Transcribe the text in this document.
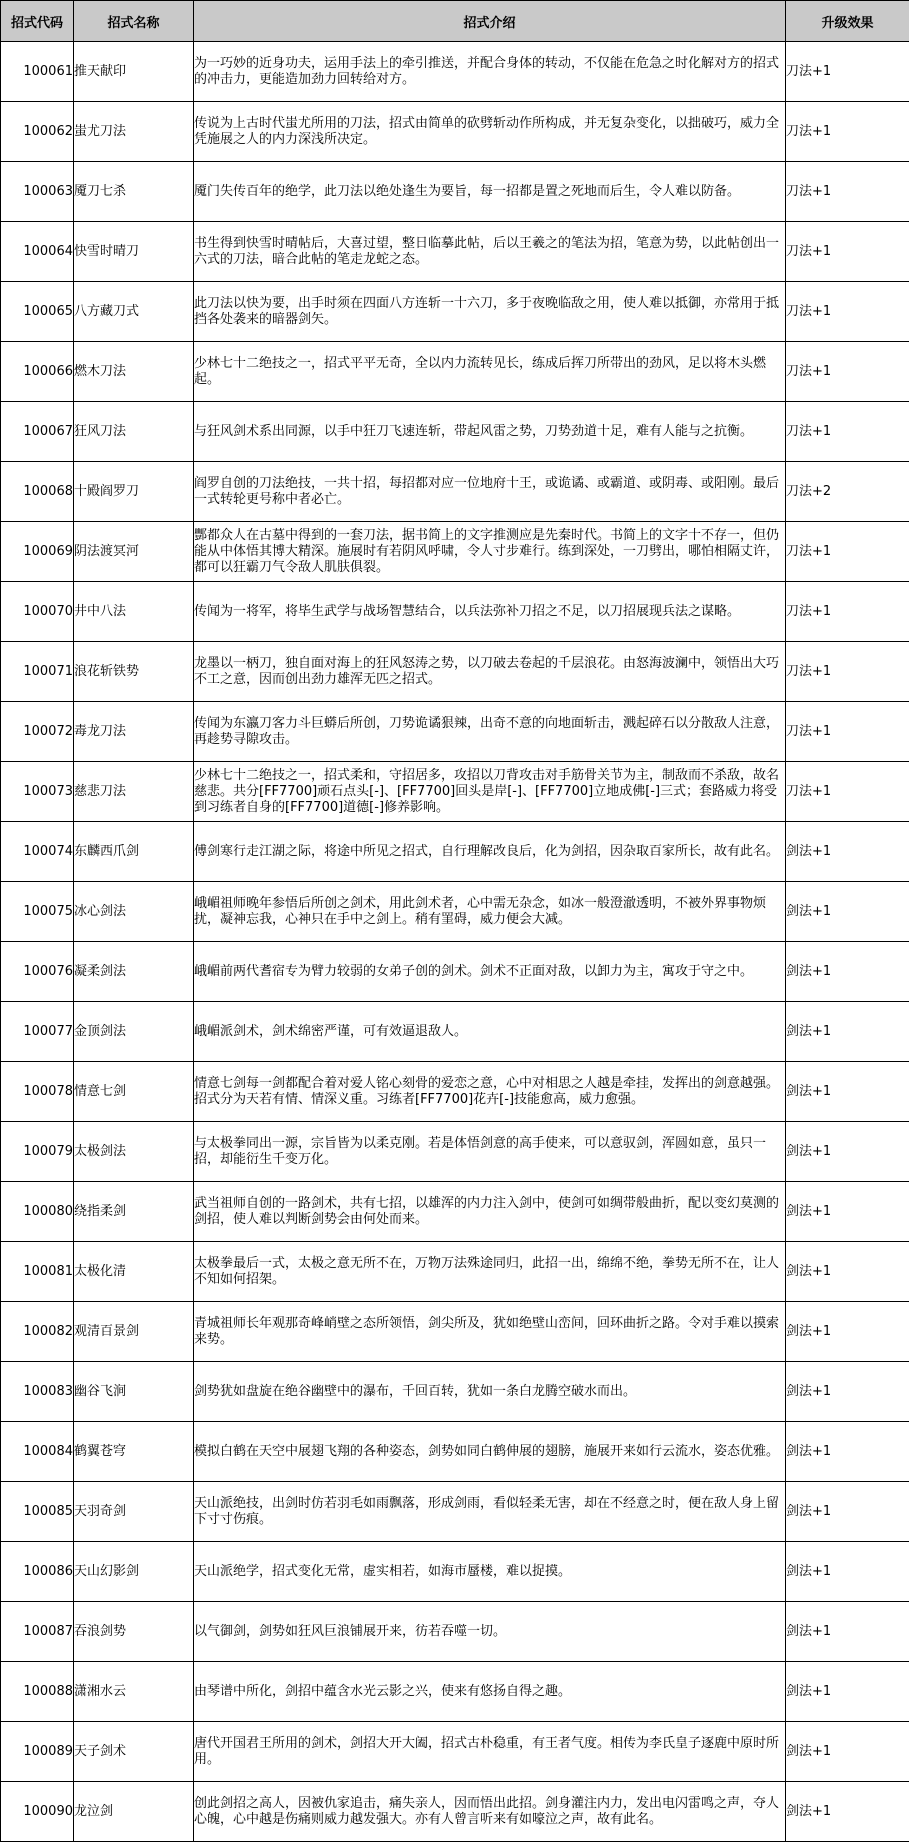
招式代码	招式名称	招式介绍	升级效果
100061	推天献印	为一巧妙的近身功夫，运用手法上的牵引推送，并配合身体的转动，不仅能在危急之时化解对方的招式的冲击力，更能造加劲力回转给对方。	刀法+1
100062	蚩尤刀法	传说为上古时代蚩尤所用的刀法，招式由简单的砍劈斩动作所构成，并无复杂变化，以拙破巧，威力全凭施展之人的内力深浅所决定。	刀法+1
100063	魇刀七杀	魇门失传百年的绝学，此刀法以绝处逢生为要旨，每一招都是置之死地而后生，令人难以防备。	刀法+1
100064	快雪时晴刀	书生得到快雪时晴帖后，大喜过望，整日临摹此帖，后以王羲之的笔法为招，笔意为势，以此帖创出一六式的刀法，暗合此帖的笔走龙蛇之态。	刀法+1
100065	八方藏刀式	此刀法以快为要，出手时须在四面八方连斩一十六刀，多于夜晚临敌之用，使人难以抵御，亦常用于抵挡各处袭来的暗器剑矢。	刀法+1
100066	燃木刀法	少林七十二绝技之一，招式平平无奇，全以内力流转见长，练成后挥刀所带出的劲风，足以将木头燃起。	刀法+1
100067	狂风刀法	与狂风剑术系出同源，以手中狂刀飞速连斩，带起风雷之势，刀势劲道十足，难有人能与之抗衡。	刀法+1
100068	十殿阎罗刀	阎罗自创的刀法绝技，一共十招，每招都对应一位地府十王，或诡谲、或霸道、或阴毒、或阳刚。最后一式转轮更号称中者必亡。	刀法+2
100069	阴法渡冥河	酆都众人在古墓中得到的一套刀法，据书简上的文字推测应是先秦时代。书简上的文字十不存一，但仍能从中体悟其博大精深。施展时有若阴风呼啸，令人寸步难行。练到深处，一刀劈出，哪怕相隔丈许，都可以狂霸刀气令敌人肌肤俱裂。	刀法+1
100070	井中八法	传闻为一将军，将毕生武学与战场智慧结合，以兵法弥补刀招之不足，以刀招展现兵法之谋略。	刀法+1
100071	浪花斩铁势	龙墨以一柄刀，独自面对海上的狂风怒涛之势，以刀破去卷起的千层浪花。由怒海波澜中，领悟出大巧不工之意，因而创出劲力雄浑无匹之招式。	刀法+1
100072	毒龙刀法	传闻为东瀛刀客力斗巨蟒后所创，刀势诡谲狠辣，出奇不意的向地面斩击，溅起碎石以分散敌人注意，再趁势寻隙攻击。	刀法+1
100073	慈悲刀法	少林七十二绝技之一，招式柔和，守招居多，攻招以刀背攻击对手筋骨关节为主，制敌而不杀敌，故名慈悲。共分[FF7700]顽石点头[-]、[FF7700]回头是岸[-]、[FF7700]立地成佛[-]三式；套路威力将受到习练者自身的[FF7700]道德[-]修养影响。	刀法+1
100074	东麟西爪剑	傅剑寒行走江湖之际，将途中所见之招式，自行理解改良后，化为剑招，因杂取百家所长，故有此名。	剑法+1
100075	冰心剑法	峨嵋祖师晚年参悟后所创之剑术，用此剑术者，心中需无杂念，如冰一般澄澈透明，不被外界事物烦扰，凝神忘我，心神只在手中之剑上。稍有罣碍，威力便会大减。	剑法+1
100076	凝柔剑法	峨嵋前两代耆宿专为臂力较弱的女弟子创的剑术。剑术不正面对敌，以卸力为主，寓攻于守之中。	剑法+1
100077	金顶剑法	峨嵋派剑术，剑术绵密严谨，可有效逼退敌人。	剑法+1
100078	情意七剑	情意七剑每一剑都配合着对爱人铭心刻骨的爱恋之意，心中对相思之人越是牵挂，发挥出的剑意越强。招式分为天若有情、情深义重。习练者[FF7700]花卉[-]技能愈高，威力愈强。	剑法+1
100079	太极剑法	与太极拳同出一源，宗旨皆为以柔克刚。若是体悟剑意的高手使来，可以意驭剑，浑圆如意，虽只一招，却能衍生千变万化。	剑法+1
100080	绕指柔剑	武当祖师自创的一路剑术，共有七招，以雄浑的内力注入剑中，使剑可如绸带般曲折，配以变幻莫测的剑招，使人难以判断剑势会由何处而来。	剑法+1
100081	太极化清	太极拳最后一式，太极之意无所不在，万物万法殊途同归，此招一出，绵绵不绝，拳势无所不在，让人不知如何招架。	剑法+1
100082	观清百景剑	青城祖师长年观那奇峰峭壁之态所领悟，剑尖所及，犹如绝壁山峦间，回环曲折之路。令对手难以摸索来势。	剑法+1
100083	幽谷飞涧	剑势犹如盘旋在绝谷幽壁中的瀑布，千回百转，犹如一条白龙腾空破水而出。	剑法+1
100084	鹤翼苍穹	模拟白鹤在天空中展翅飞翔的各种姿态，剑势如同白鹤伸展的翅膀，施展开来如行云流水，姿态优雅。	剑法+1
100085	天羽奇剑	天山派绝技，出剑时仿若羽毛如雨飘落，形成剑雨，看似轻柔无害，却在不经意之时，便在敌人身上留下寸寸伤痕。	剑法+1
100086	天山幻影剑	天山派绝学，招式变化无常，虚实相若，如海市蜃楼，难以捉摸。	剑法+1
100087	吞浪剑势	以气御剑，剑势如狂风巨浪铺展开来，彷若吞噬一切。	剑法+1
100088	潇湘水云	由琴谱中所化，剑招中蕴含水光云影之兴，使来有悠扬自得之趣。	剑法+1
100089	天子剑术	唐代开国君王所用的剑术，剑招大开大阖，招式古朴稳重，有王者气度。相传为李氏皇子逐鹿中原时所用。	剑法+1
100090	龙泣剑	创此剑招之高人，因被仇家追击，痛失亲人，因而悟出此招。剑身灌注内力，发出电闪雷鸣之声，夺人心魄，心中越是伤痛则威力越发强大。亦有人曾言听来有如嚎泣之声，故有此名。	剑法+1
